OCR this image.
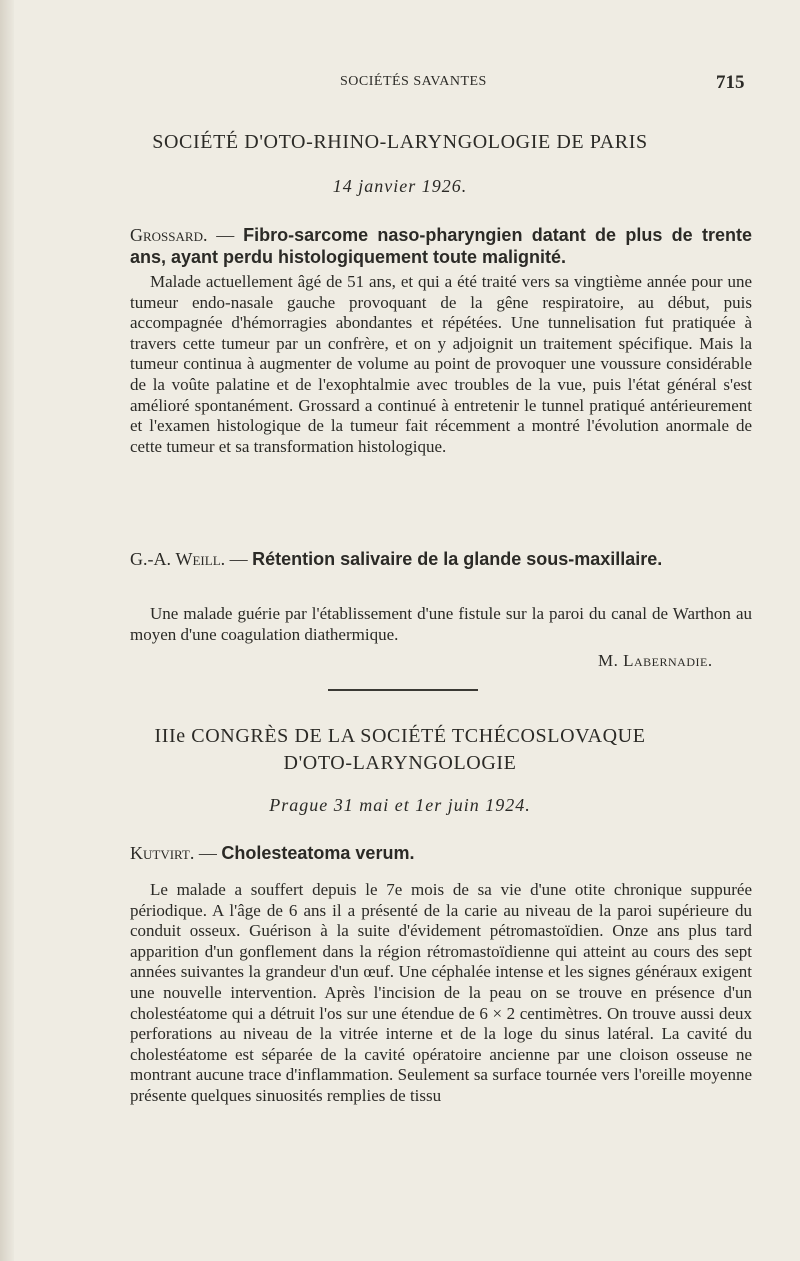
SOCIÉTÉS SAVANTES	715
SOCIÉTÉ D'OTO-RHINO-LARYNGOLOGIE DE PARIS
14 janvier 1926.

Grossard. — Fibro-sarcome naso-pharyngien datant de plus de trente ans, ayant perdu histologiquement toute malignité.

Malade actuellement âgé de 51 ans, et qui a été traité vers sa vingtième année pour une tumeur endo-nasale gauche provoquant de la gêne respiratoire, au début, puis accompagnée d'hémorragies abondantes et répétées. Une tunnelisation fut pratiquée à travers cette tumeur par un confrère, et on y adjoignit un traitement spécifique. Mais la tumeur continua à augmenter de volume au point de provoquer une voussure considérable de la voûte palatine et de l'exophtalmie avec troubles de la vue, puis l'état général s'est amélioré spontanément. Grossard a continué à entretenir le tunnel pratiqué antérieurement et l'examen histologique de la tumeur fait récemment a montré l'évolution anormale de cette tumeur et sa transformation histologique.

G.-A. Weill. — Rétention salivaire de la glande sous-maxillaire.

Une malade guérie par l'établissement d'une fistule sur la paroi du canal de Warthon au moyen d'une coagulation diathermique.

M. Labernadie.
IIIe CONGRÈS DE LA SOCIÉTÉ TCHÉCOSLOVAQUE
D'OTO-LARYNGOLOGIE
Prague 31 mai et 1er juin 1924.

Kutvirt. — Cholesteatoma verum.

Le malade a souffert depuis le 7e mois de sa vie d'une otite chronique suppurée périodique. A l'âge de 6 ans il a présenté de la carie au niveau de la paroi supérieure du conduit osseux. Guérison à la suite d'évidement pétromastoïdien. Onze ans plus tard apparition d'un gonflement dans la région rétromastoïdienne qui atteint au cours des sept années suivantes la grandeur d'un œuf. Une céphalée intense et les signes généraux exigent une nouvelle intervention. Après l'incision de la peau on se trouve en présence d'un cholestéatome qui a détruit l'os sur une étendue de 6 × 2 centimètres. On trouve aussi deux perforations au niveau de la vitrée interne et de la loge du sinus latéral. La cavité du cholestéatome est séparée de la cavité opératoire ancienne par une cloison osseuse ne montrant aucune trace d'inflammation. Seulement sa surface tournée vers l'oreille moyenne présente quelques sinuosités remplies de tissu
